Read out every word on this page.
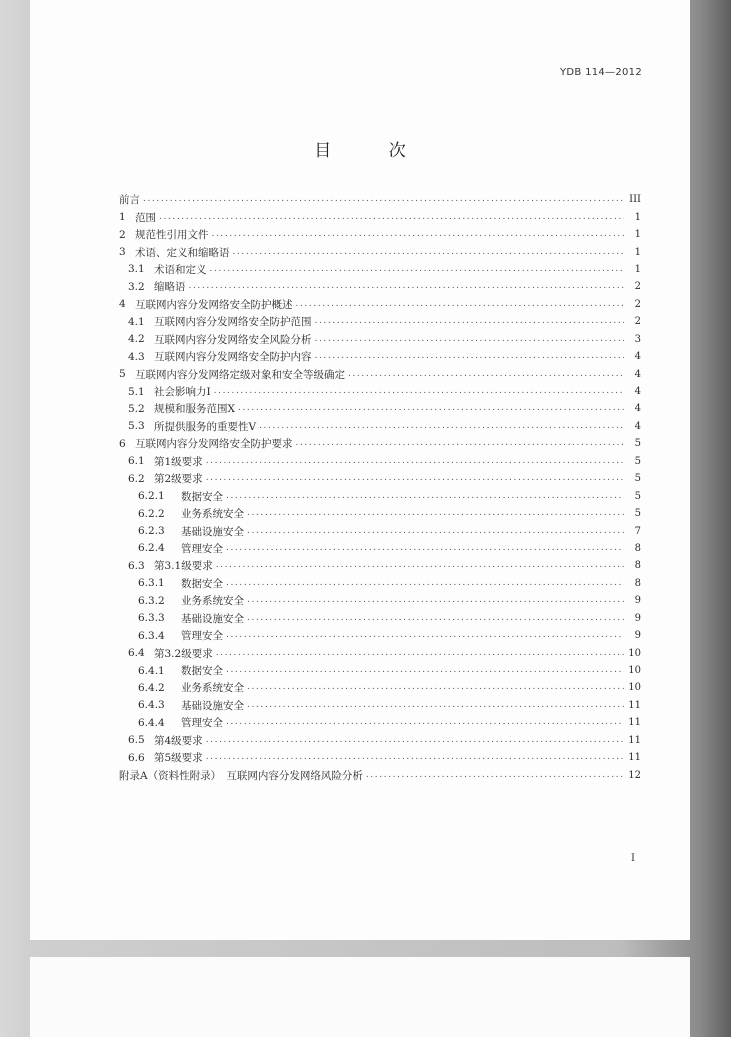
YDB 114—2012
目 次
前言 .....	III
1 范围 .....	1
2 规范性引用文件 .....	1
3 术语、定义和缩略语 .....	1
3.1 术语和定义 .....	1
3.2 缩略语 .....	2
4 互联网内容分发网络安全防护概述 .....	2
4.1 互联网内容分发网络安全防护范围 .....	2
4.2 互联网内容分发网络安全风险分析 .....	3
4.3 互联网内容分发网络安全防护内容 .....	4
5 互联网内容分发网络定级对象和安全等级确定 .....	4
5.1 社会影响力I .....	4
5.2 规模和服务范围X .....	4
5.3 所提供服务的重要性V .....	4
6 互联网内容分发网络安全防护要求 .....	5
6.1 第1级要求 .....	5
6.2 第2级要求 .....	5
6.2.1	数据安全 .....	5
6.2.2	业务系统安全 .....	5
6.2.3	基础设施安全 .....	7
6.2.4	管理安全 .....	8
6.3 第3.1级要求 .....	8
6.3.1	数据安全 .....	8
6.3.2	业务系统安全 .....	9
6.3.3	基础设施安全 .....	9
6.3.4	管理安全 .....	9
6.4 第3.2级要求 .....	10
6.4.1	数据安全 .....	10
6.4.2	业务系统安全 .....	10
6.4.3	基础设施安全 .....	11
6.4.4	管理安全 .....	11
6.5 第4级要求 .....	11
6.6 第5级要求 .....	11
附录A（资料性附录）　互联网内容分发网络风险分析 .....	12
I
